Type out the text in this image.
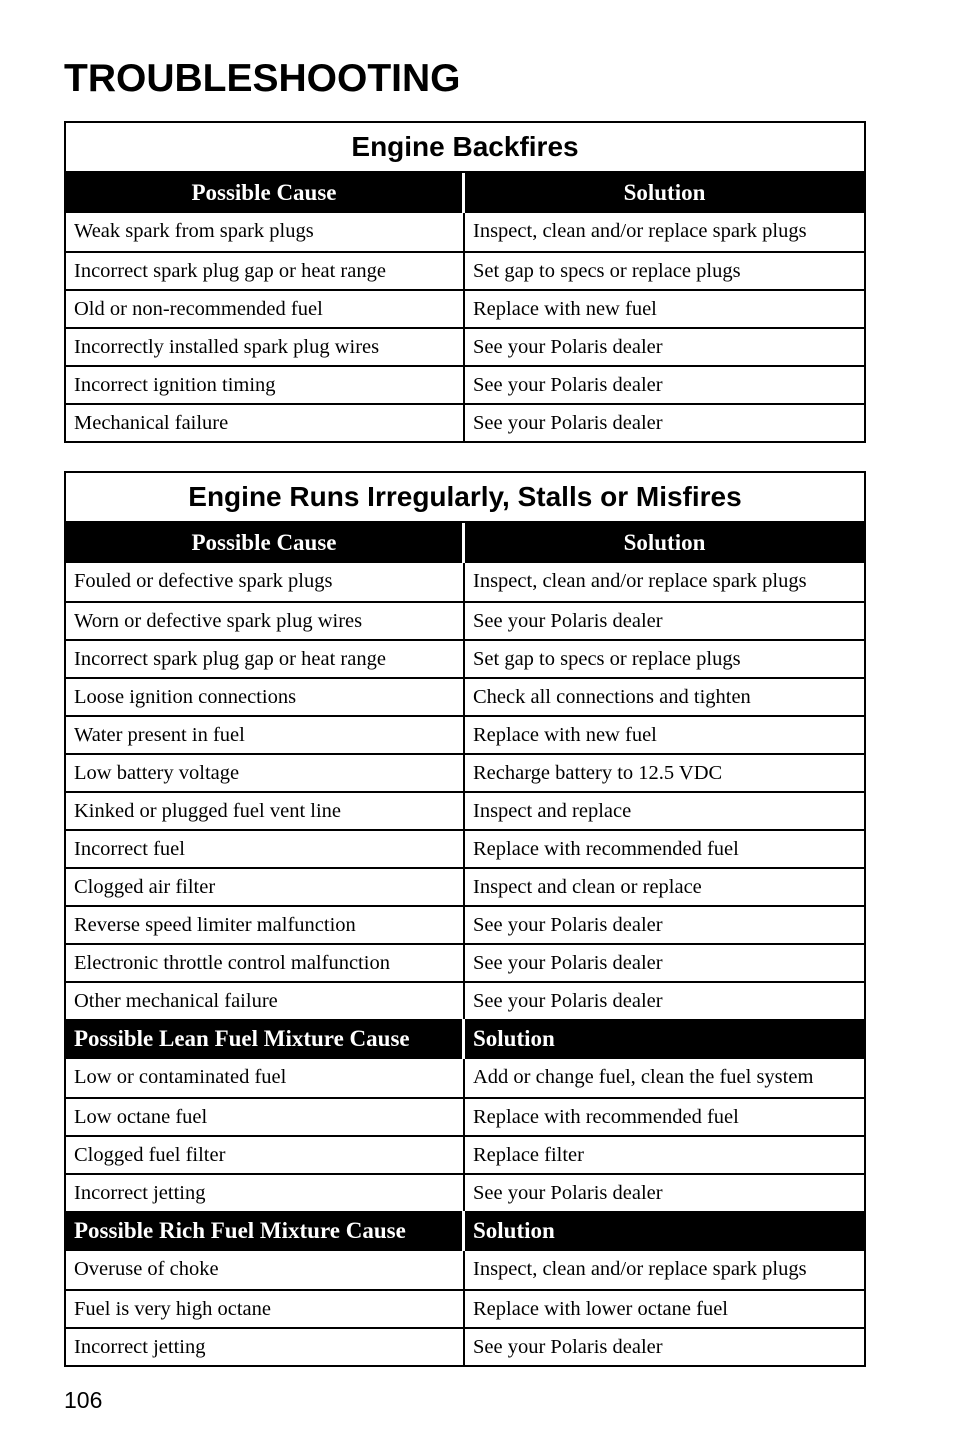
TROUBLESHOOTING
Engine Backfires
Possible Cause	Solution
Weak spark from spark plugs	Inspect, clean and/or replace spark plugs
Incorrect spark plug gap or heat range	Set gap to specs or replace plugs
Old or non-recommended fuel	Replace with new fuel
Incorrectly installed spark plug wires	See your Polaris dealer
Incorrect ignition timing	See your Polaris dealer
Mechanical failure	See your Polaris dealer
Engine Runs Irregularly, Stalls or Misfires
Possible Cause	Solution
Fouled or defective spark plugs	Inspect, clean and/or replace spark plugs
Worn or defective spark plug wires	See your Polaris dealer
Incorrect spark plug gap or heat range	Set gap to specs or replace plugs
Loose ignition connections	Check all connections and tighten
Water present in fuel	Replace with new fuel
Low battery voltage	Recharge battery to 12.5 VDC
Kinked or plugged fuel vent line	Inspect and replace
Incorrect fuel	Replace with recommended fuel
Clogged air filter	Inspect and clean or replace
Reverse speed limiter malfunction	See your Polaris dealer
Electronic throttle control malfunction	See your Polaris dealer
Other mechanical failure	See your Polaris dealer
Possible Lean Fuel Mixture Cause	Solution
Low or contaminated fuel	Add or change fuel, clean the fuel system
Low octane fuel	Replace with recommended fuel
Clogged fuel filter	Replace filter
Incorrect jetting	See your Polaris dealer
Possible Rich Fuel Mixture Cause	Solution
Overuse of choke	Inspect, clean and/or replace spark plugs
Fuel is very high octane	Replace with lower octane fuel
Incorrect jetting	See your Polaris dealer
106
